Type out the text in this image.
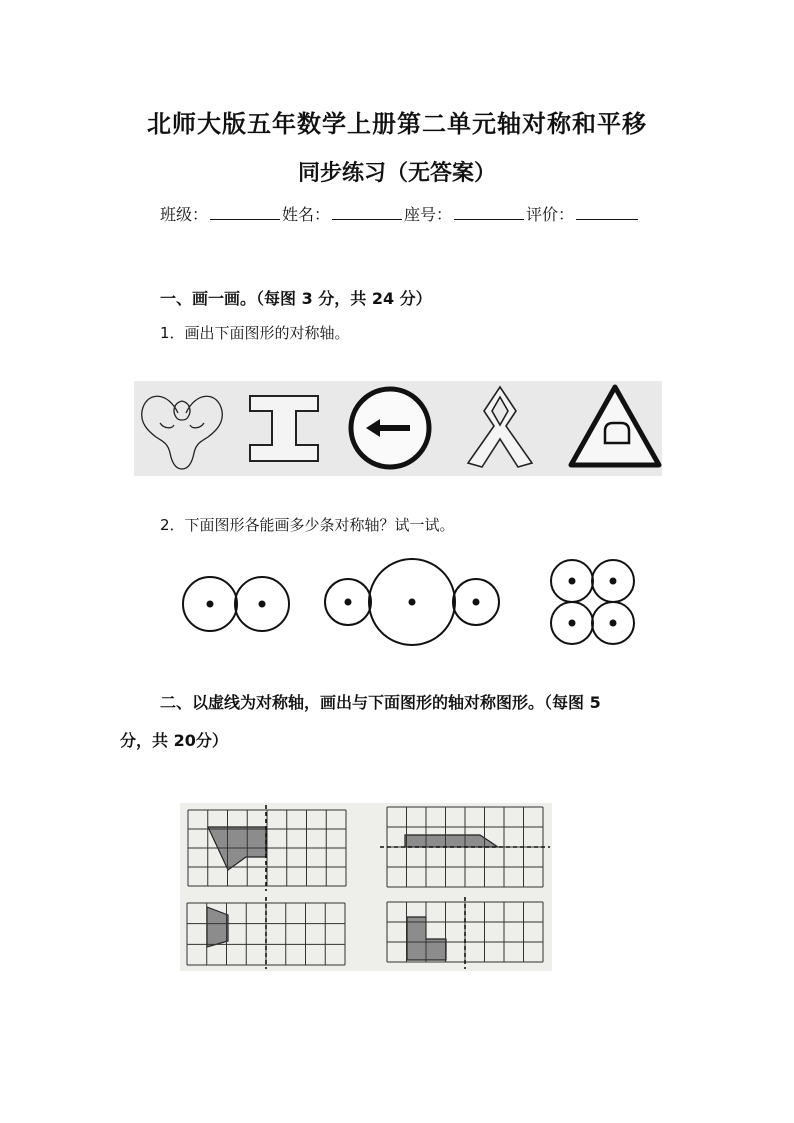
北师大版五年数学上册第二单元轴对称和平移
同步练习（无答案）
班级：	姓名：	座号：	评价：
一、画一画。（每图 3 分，共 24 分）
1．画出下面图形的对称轴。
2．下面图形各能画多少条对称轴？试一试。
二、以虚线为对称轴，画出与下面图形的轴对称图形。（每图 5
分，共 20分）
